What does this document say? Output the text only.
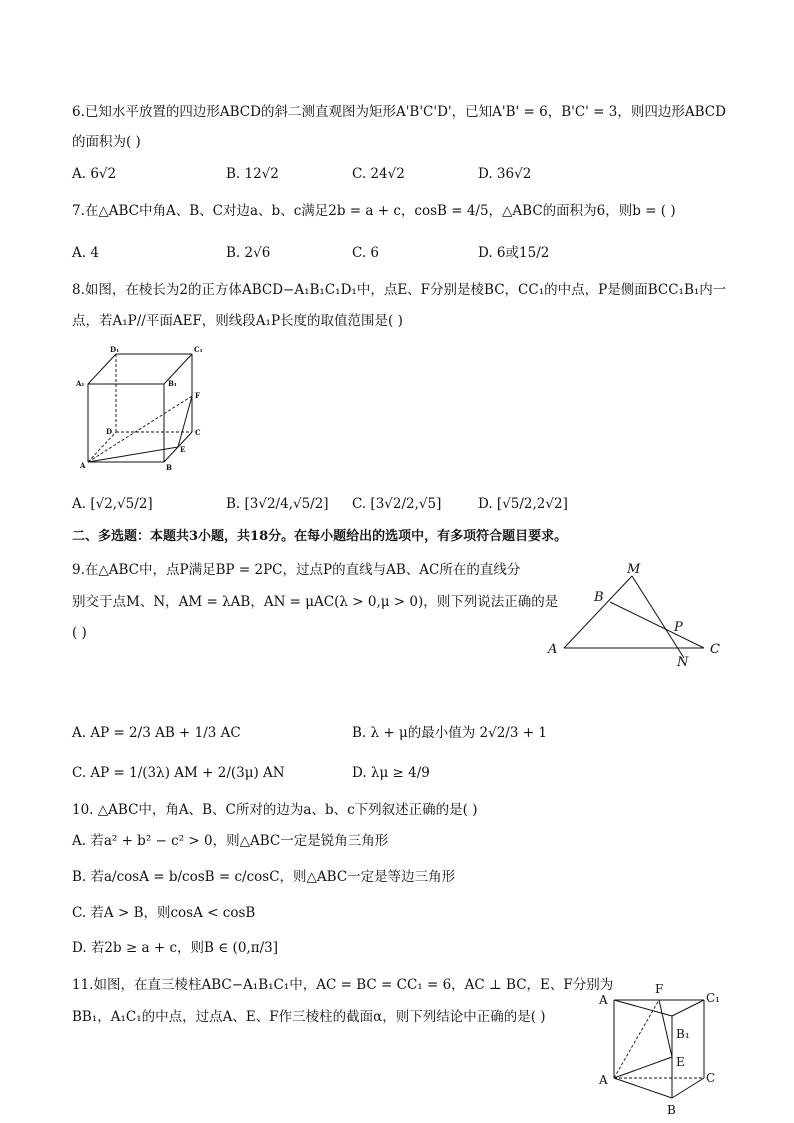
6.已知水平放置的四边形ABCD的斜二测直观图为矩形A'B'C'D'，已知A'B' = 6，B'C' = 3，则四边形ABCD
的面积为( )
A. 6√2	B. 12√2	C. 24√2	D. 36√2
7.在△ABC中角A、B、C对边a、b、c满足2b = a + c，cosB = 4/5，△ABC的面积为6，则b = ( )
A. 4	B. 2√6	C. 6	D. 6或15/2
8.如图，在棱长为2的正方体ABCD−A₁B₁C₁D₁中，点E、F分别是棱BC，CC₁的中点，P是侧面BCC₁B₁内一
点，若A₁P//平面AEF，则线段A₁P长度的取值范围是( )
D₁	C₁
A₁	B₁
F
D	C
E
A	B
A. [√2,√5/2]	B. [3√2/4,√5/2] C. [3√2/2,√5]	D. [√5/2,2√2]
二、多选题：本题共3小题，共18分。在每小题给出的选项中，有多项符合题目要求。
9.在△ABC中，点P满足BP = 2PC，过点P的直线与AB、AC所在的直线分
别交于点M、N，AM = λAB，AN = μAC(λ > 0,μ > 0)，则下列说法正确的是
( )
M
B
P
A
N
C
A. AP = 2/3 AB + 1/3 AC	B. λ + μ的最小值为 2√2/3 + 1
C. AP = 1/(3λ) AM + 2/(3μ) AN	D. λμ ≥ 4/9
10. △ABC中，角A、B、C所对的边为a、b、c下列叙述正确的是( )
A. 若a² + b² − c² > 0，则△ABC一定是锐角三角形
B. 若a/cosA = b/cosB = c/cosC，则△ABC一定是等边三角形
C. 若A > B，则cosA < cosB
D. 若2b ≥ a + c，则B ∈ (0,π/3]
11.如图，在直三棱柱ABC−A₁B₁C₁中，AC = BC = CC₁ = 6，AC ⊥ BC，E、F分别为
BB₁，A₁C₁的中点，过点A、E、F作三棱柱的截面α，则下列结论中正确的是( )
A
F
C₁
B₁
E
A	C
B
